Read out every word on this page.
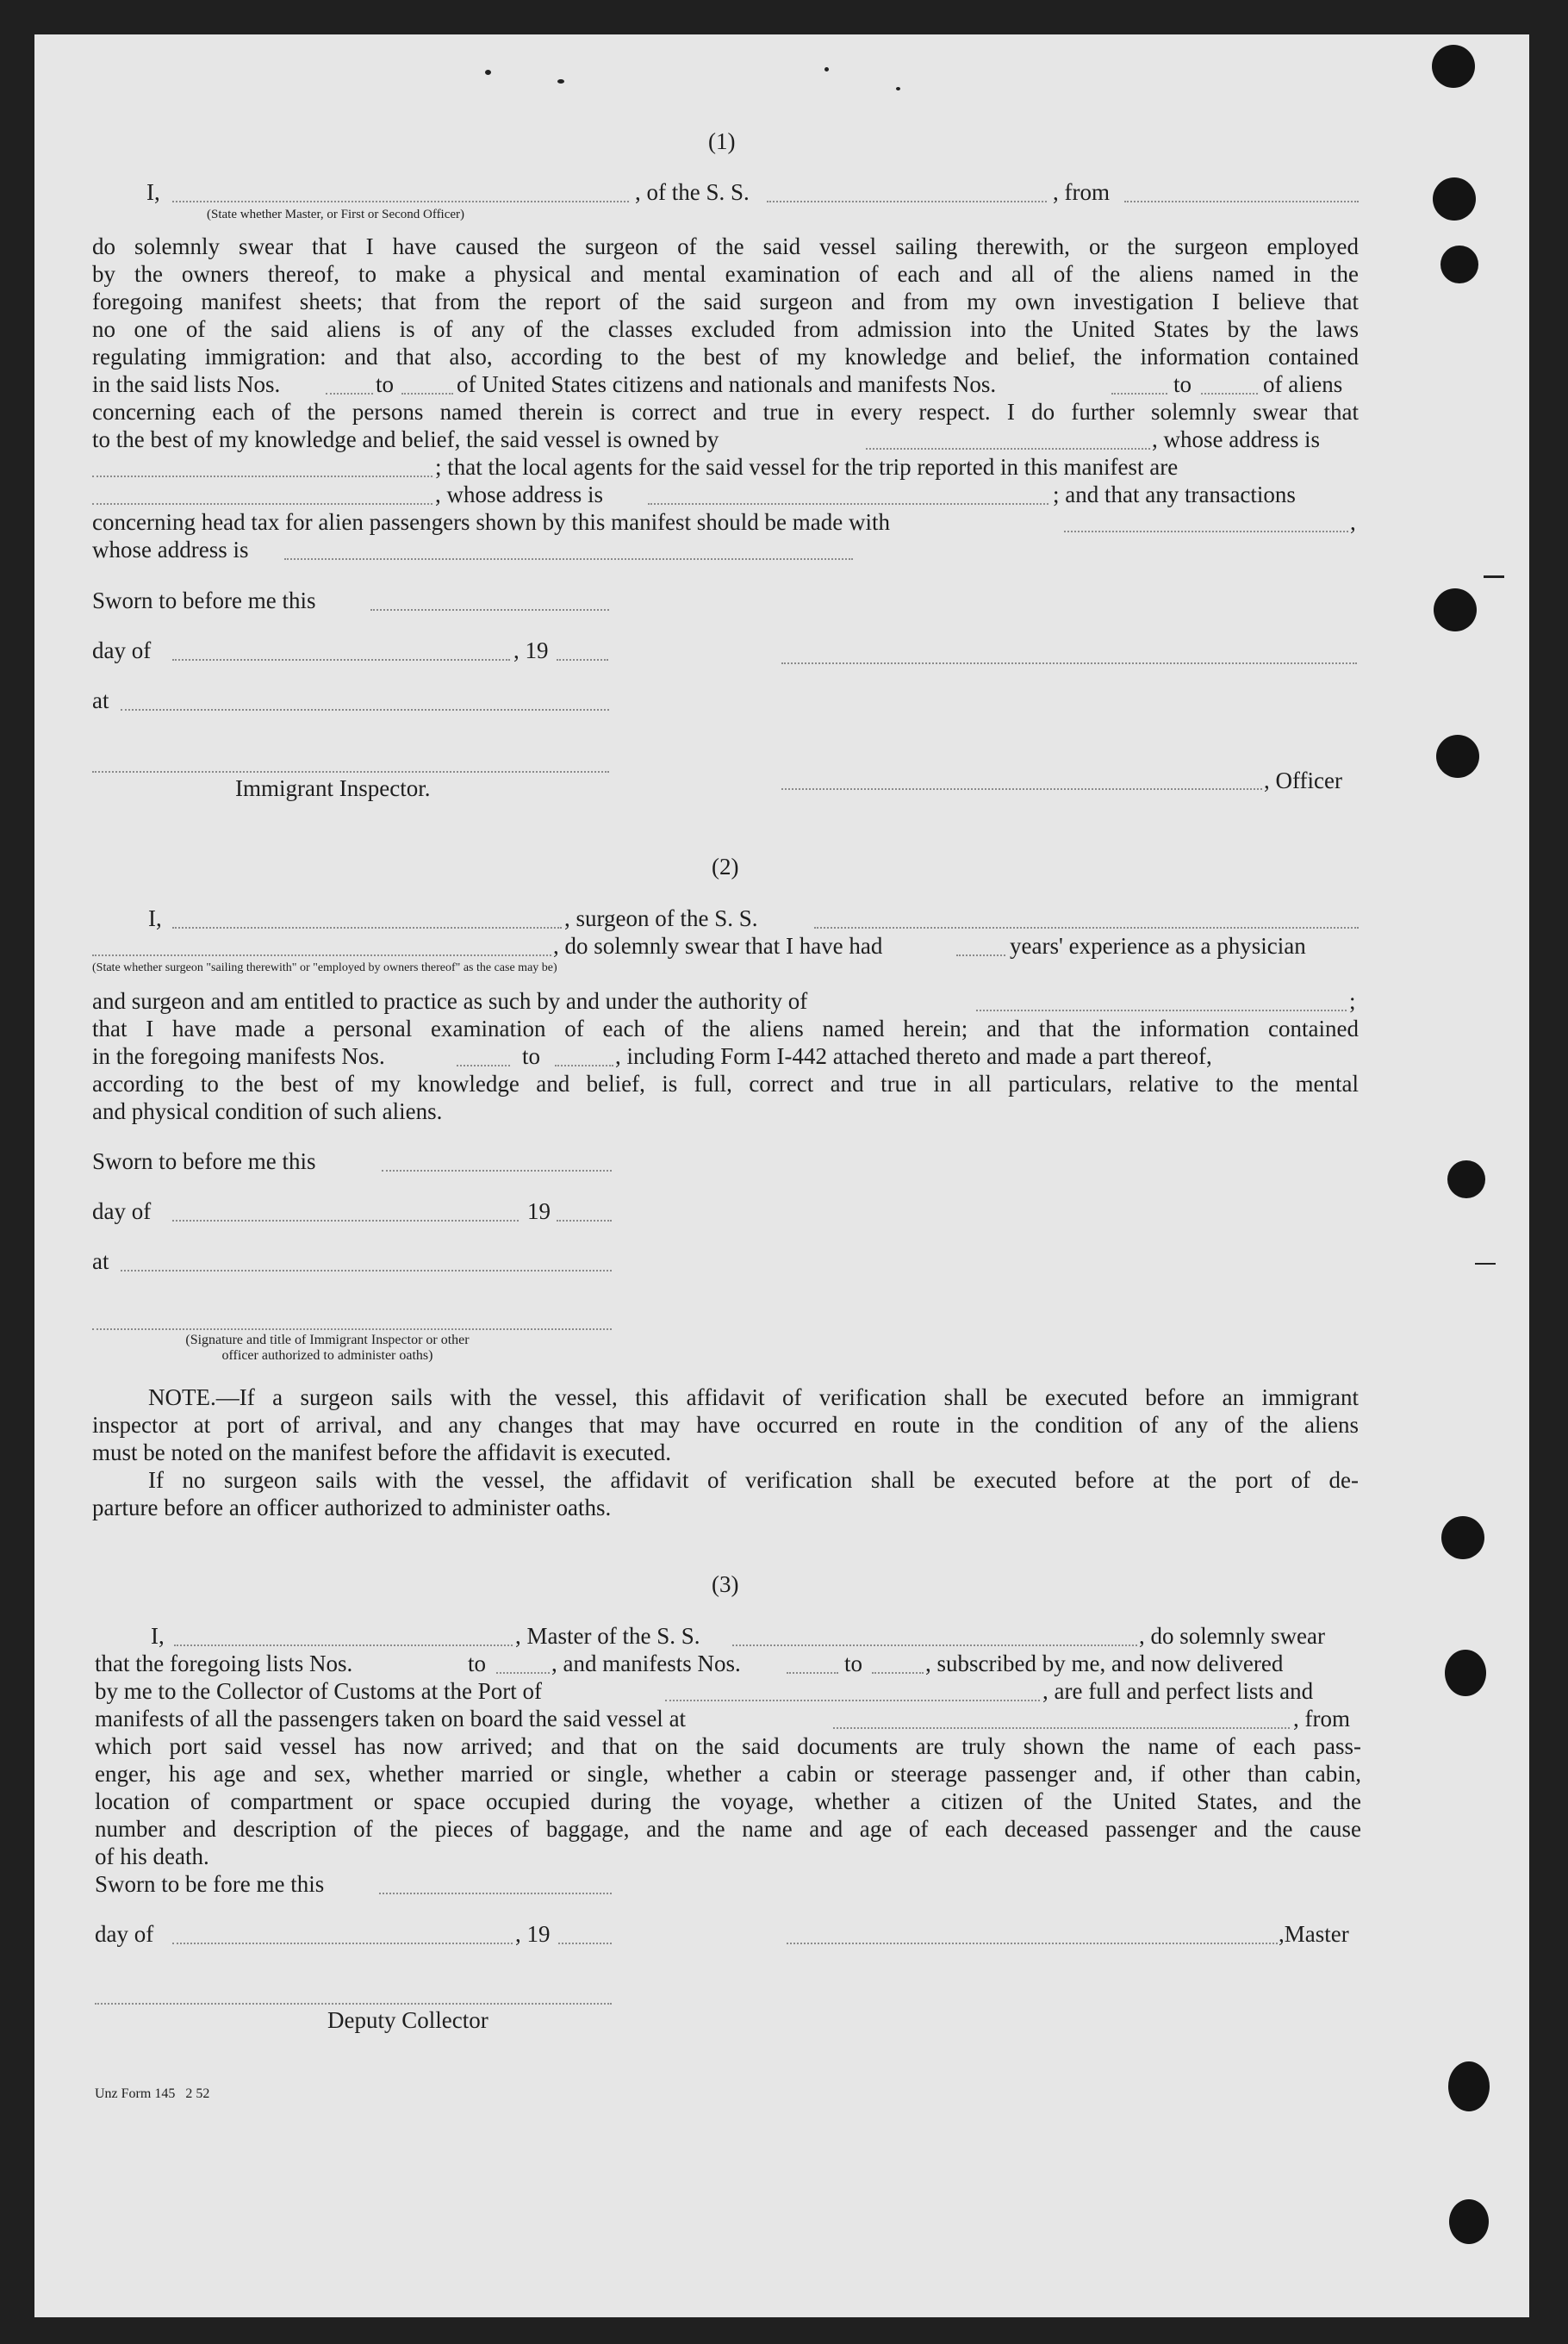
(1)
I,	, of the S. S.	, from
(State whether Master, or First or Second Officer)
do solemnly swear that I have caused the surgeon of the said vessel sailing therewith, or the surgeon employed
by the owners thereof, to make a physical and mental examination of each and all of the aliens named in the
foregoing manifest sheets; that from the report of the said surgeon and from my own investigation I believe that
no one of the said aliens is of any of the classes excluded from admission into the United States by the laws
regulating immigration: and that also, according to the best of my knowledge and belief, the information contained
in the said lists Nos.	to	of United States citizens and nationals and manifests Nos.	to	of aliens
concerning each of the persons named therein is correct and true in every respect. I do further solemnly swear that
to the best of my knowledge and belief, the said vessel is owned by	, whose address is
; that the local agents for the said vessel for the trip reported in this manifest are
, whose address is	; and that any transactions
concerning head tax for alien passengers shown by this manifest should be made with	,
whose address is
Sworn to before me this
day of	, 19
at
Immigrant Inspector.	, Officer
(2)
I,	, surgeon of the S. S.
, do solemnly swear that I have had	years' experience as a physician
(State whether surgeon "sailing therewith" or "employed by owners thereof" as the case may be)
and surgeon and am entitled to practice as such by and under the authority of	;
that I have made a personal examination of each of the aliens named herein; and that the information contained
in the foregoing manifests Nos.	to	, including Form I-442 attached thereto and made a part thereof,
according to the best of my knowledge and belief, is full, correct and true in all particulars, relative to the mental
and physical condition of such aliens.
Sworn to before me this
day of	19
at
(Signature and title of Immigrant Inspector or other
officer authorized to administer oaths)
NOTE.—If a surgeon sails with the vessel, this affidavit of verification shall be executed before an immigrant
inspector at port of arrival, and any changes that may have occurred en route in the condition of any of the aliens
must be noted on the manifest before the affidavit is executed.
If no surgeon sails with the vessel, the affidavit of verification shall be executed before at the port of de-
parture before an officer authorized to administer oaths.
(3)
I,	, Master of the S. S.	, do solemnly swear
that the foregoing lists Nos.	to	, and manifests Nos.	to	, subscribed by me, and now delivered
by me to the Collector of Customs at the Port of	, are full and perfect lists and
manifests of all the passengers taken on board the said vessel at	, from
which port said vessel has now arrived; and that on the said documents are truly shown the name of each pass-
enger, his age and sex, whether married or single, whether a cabin or steerage passenger and, if other than cabin,
location of compartment or space occupied during the voyage, whether a citizen of the United States, and the
number and description of the pieces of baggage, and the name and age of each deceased passenger and the cause
of his death.
Sworn to be fore me this
day of	, 19	,Master
Deputy Collector
Unz Form 145   2 52
